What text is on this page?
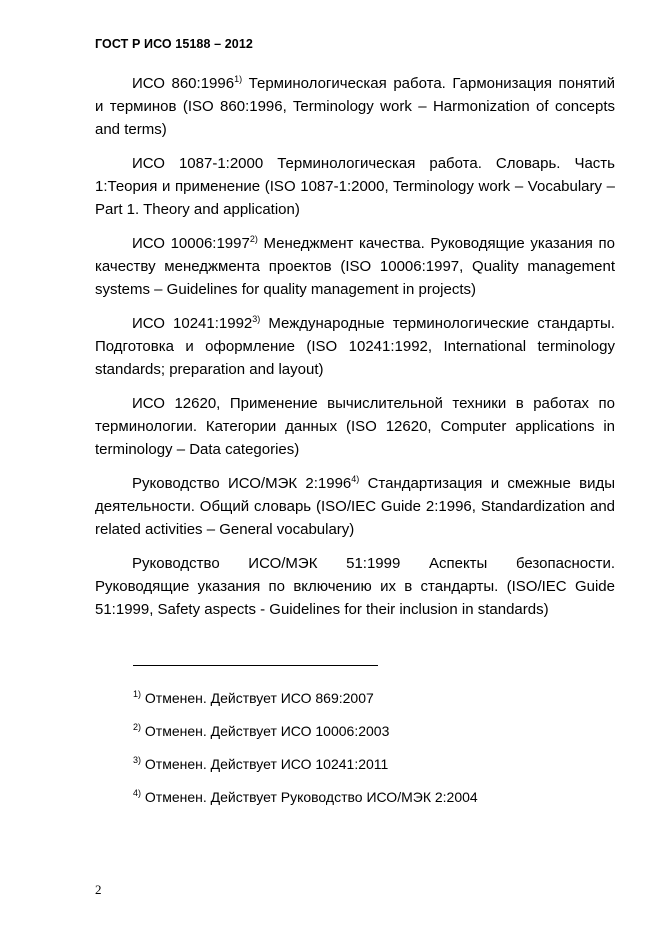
ГОСТ Р ИСО 15188 – 2012

ИСО 860:1996$^{1)}$ Терминологическая работа. Гармонизация понятий и терминов (ISO 860:1996, Terminology work – Harmonization of concepts and terms)

ИСО 1087-1:2000 Терминологическая работа. Словарь. Часть 1:Теория и применение (ISO 1087-1:2000, Terminology work – Vocabulary – Part 1. Theory and application)

ИСО 10006:1997$^{2)}$ Менеджмент качества. Руководящие указания по качеству менеджмента проектов (ISO 10006:1997, Quality management systems – Guidelines for quality management in projects)

ИСО 10241:1992$^{3)}$ Международные терминологические стандарты. Подготовка и оформление (ISO 10241:1992, International terminology standards; preparation and layout)

ИСО 12620, Применение вычислительной техники в работах по терминологии. Категории данных (ISO 12620, Computer applications in terminology – Data categories)

Руководство ИСО/МЭК 2:1996$^{4)}$ Стандартизация и смежные виды деятельности. Общий словарь (ISO/IEC Guide 2:1996, Standardization and related activities – General vocabulary)

Руководство ИСО/МЭК 51:1999 Аспекты безопасности. Руководящие указания по включению их в стандарты. (ISO/IEC Guide 51:1999, Safety aspects - Guidelines for their inclusion in standards)

$^{1)}$ Отменен. Действует ИСО 869:2007
$^{2)}$ Отменен. Действует ИСО 10006:2003
$^{3)}$ Отменен. Действует ИСО 10241:2011
$^{4)}$ Отменен. Действует Руководство ИСО/МЭК 2:2004
2
